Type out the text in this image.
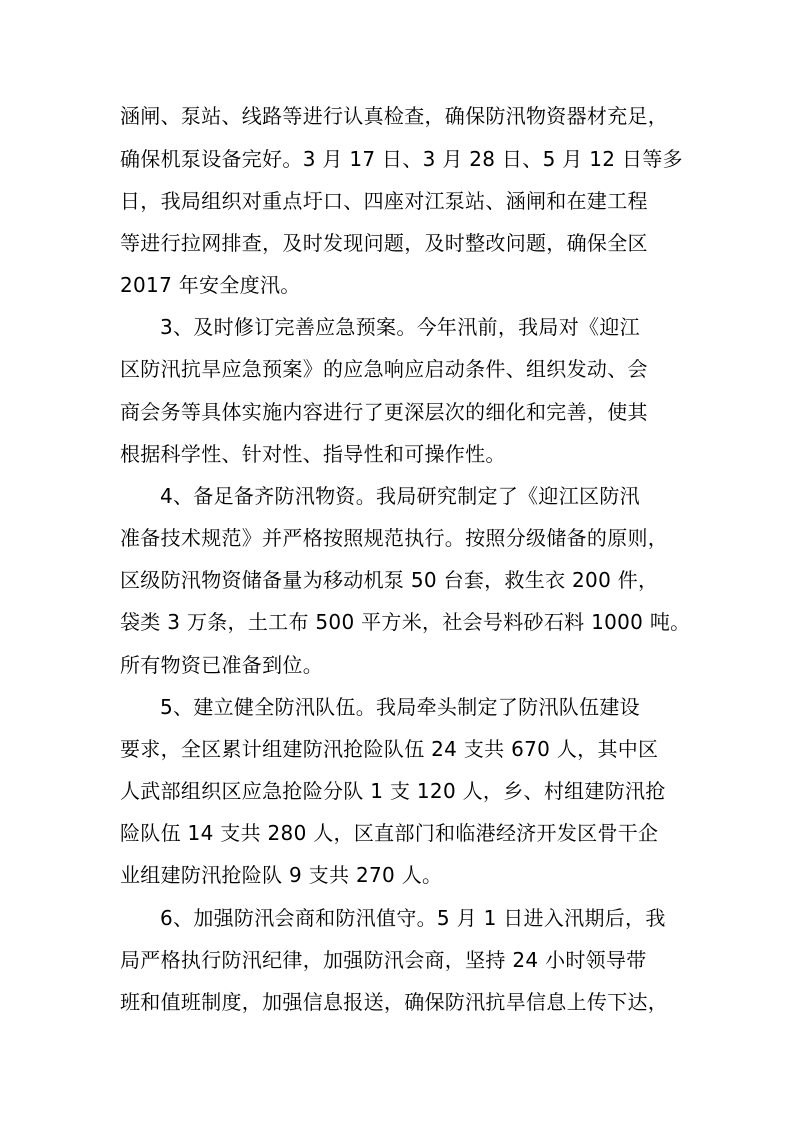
涵闸、泵站、线路等进行认真检查，确保防汛物资器材充足，

确保机泵设备完好。3 月 17 日、3 月 28 日、5 月 12 日等多

日，我局组织对重点圩口、四座对江泵站、涵闸和在建工程

等进行拉网排查，及时发现问题，及时整改问题，确保全区

2017 年安全度汛。

3、及时修订完善应急预案。今年汛前，我局对《迎江

区防汛抗旱应急预案》的应急响应启动条件、组织发动、会

商会务等具体实施内容进行了更深层次的细化和完善，使其

根据科学性、针对性、指导性和可操作性。

4、备足备齐防汛物资。我局研究制定了《迎江区防汛

准备技术规范》并严格按照规范执行。按照分级储备的原则，

区级防汛物资储备量为移动机泵 50 台套，救生衣 200 件，

袋类 3 万条，土工布 500 平方米，社会号料砂石料 1000 吨。

所有物资已准备到位。

5、建立健全防汛队伍。我局牵头制定了防汛队伍建设

要求，全区累计组建防汛抢险队伍 24 支共 670 人，其中区

人武部组织区应急抢险分队 1 支 120 人，乡、村组建防汛抢

险队伍 14 支共 280 人，区直部门和临港经济开发区骨干企

业组建防汛抢险队 9 支共 270 人。

6、加强防汛会商和防汛值守。5 月 1 日进入汛期后，我

局严格执行防汛纪律，加强防汛会商，坚持 24 小时领导带

班和值班制度，加强信息报送，确保防汛抗旱信息上传下达，
